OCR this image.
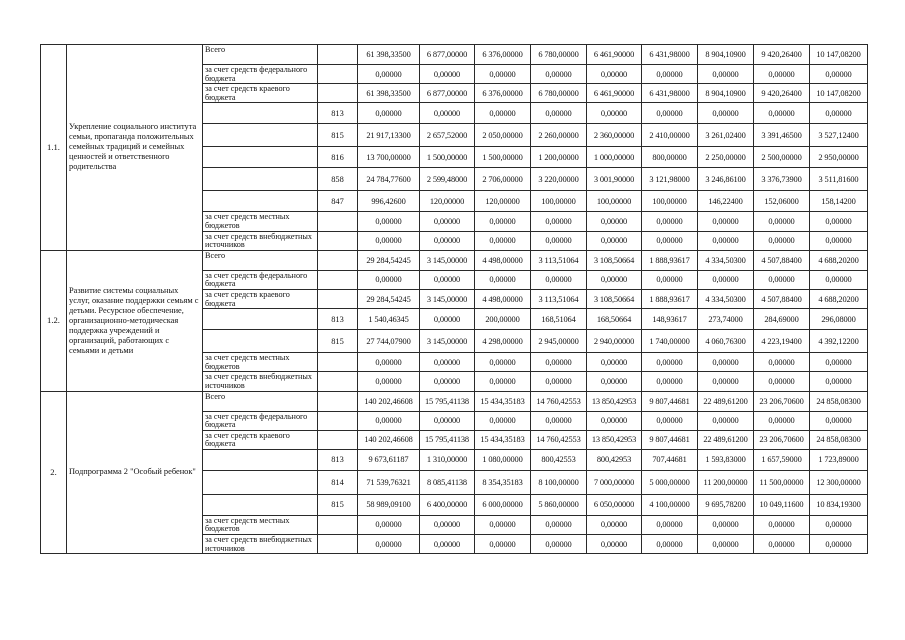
1.1.	Укрепление социального института семьи, пропаганда положительных семейных традиций и семейных ценностей и ответственного родительства	Всего		61 398,33500	6 877,00000	6 376,00000	6 780,00000	6 461,90000	6 431,98000	8 904,10900	9 420,26400	10 147,08200
		за счет средств федерального бюджета		0,00000	0,00000	0,00000	0,00000	0,00000	0,00000	0,00000	0,00000	0,00000
		за счет средств краевого бюджета		61 398,33500	6 877,00000	6 376,00000	6 780,00000	6 461,90000	6 431,98000	8 904,10900	9 420,26400	10 147,08200
			813	0,00000	0,00000	0,00000	0,00000	0,00000	0,00000	0,00000	0,00000	0,00000
			815	21 917,13300	2 657,52000	2 050,00000	2 260,00000	2 360,00000	2 410,00000	3 261,02400	3 391,46500	3 527,12400
			816	13 700,00000	1 500,00000	1 500,00000	1 200,00000	1 000,00000	800,00000	2 250,00000	2 500,00000	2 950,00000
			858	24 784,77600	2 599,48000	2 706,00000	3 220,00000	3 001,90000	3 121,98000	3 246,86100	3 376,73900	3 511,81600
			847	996,42600	120,00000	120,00000	100,00000	100,00000	100,00000	146,22400	152,06000	158,14200
		за счет средств местных бюджетов		0,00000	0,00000	0,00000	0,00000	0,00000	0,00000	0,00000	0,00000	0,00000
		за счет средств внебюджетных источников		0,00000	0,00000	0,00000	0,00000	0,00000	0,00000	0,00000	0,00000	0,00000
1.2.	Развитие системы социальных услуг, оказание поддержки семьям с детьми. Ресурсное обеспечение, организационно-методическая поддержка учреждений и организаций, работающих с семьями и детьми	Всего		29 284,54245	3 145,00000	4 498,00000	3 113,51064	3 108,50664	1 888,93617	4 334,50300	4 507,88400	4 688,20200
		за счет средств федерального бюджета		0,00000	0,00000	0,00000	0,00000	0,00000	0,00000	0,00000	0,00000	0,00000
		за счет средств краевого бюджета		29 284,54245	3 145,00000	4 498,00000	3 113,51064	3 108,50664	1 888,93617	4 334,50300	4 507,88400	4 688,20200
			813	1 540,46345	0,00000	200,00000	168,51064	168,50664	148,93617	273,74000	284,69000	296,08000
			815	27 744,07900	3 145,00000	4 298,00000	2 945,00000	2 940,00000	1 740,00000	4 060,76300	4 223,19400	4 392,12200
		за счет средств местных бюджетов		0,00000	0,00000	0,00000	0,00000	0,00000	0,00000	0,00000	0,00000	0,00000
		за счет средств внебюджетных источников		0,00000	0,00000	0,00000	0,00000	0,00000	0,00000	0,00000	0,00000	0,00000
2.	Подпрограмма 2 "Особый ребенок"	Всего		140 202,46608	15 795,41138	15 434,35183	14 760,42553	13 850,42953	9 807,44681	22 489,61200	23 206,70600	24 858,08300
		за счет средств федерального бюджета		0,00000	0,00000	0,00000	0,00000	0,00000	0,00000	0,00000	0,00000	0,00000
		за счет средств краевого бюджета		140 202,46608	15 795,41138	15 434,35183	14 760,42553	13 850,42953	9 807,44681	22 489,61200	23 206,70600	24 858,08300
			813	9 673,61187	1 310,00000	1 080,00000	800,42553	800,42953	707,44681	1 593,83000	1 657,59000	1 723,89000
			814	71 539,76321	8 085,41138	8 354,35183	8 100,00000	7 000,00000	5 000,00000	11 200,00000	11 500,00000	12 300,00000
			815	58 989,09100	6 400,00000	6 000,00000	5 860,00000	6 050,00000	4 100,00000	9 695,78200	10 049,11600	10 834,19300
		за счет средств местных бюджетов		0,00000	0,00000	0,00000	0,00000	0,00000	0,00000	0,00000	0,00000	0,00000
		за счет средств внебюджетных источников		0,00000	0,00000	0,00000	0,00000	0,00000	0,00000	0,00000	0,00000	0,00000
